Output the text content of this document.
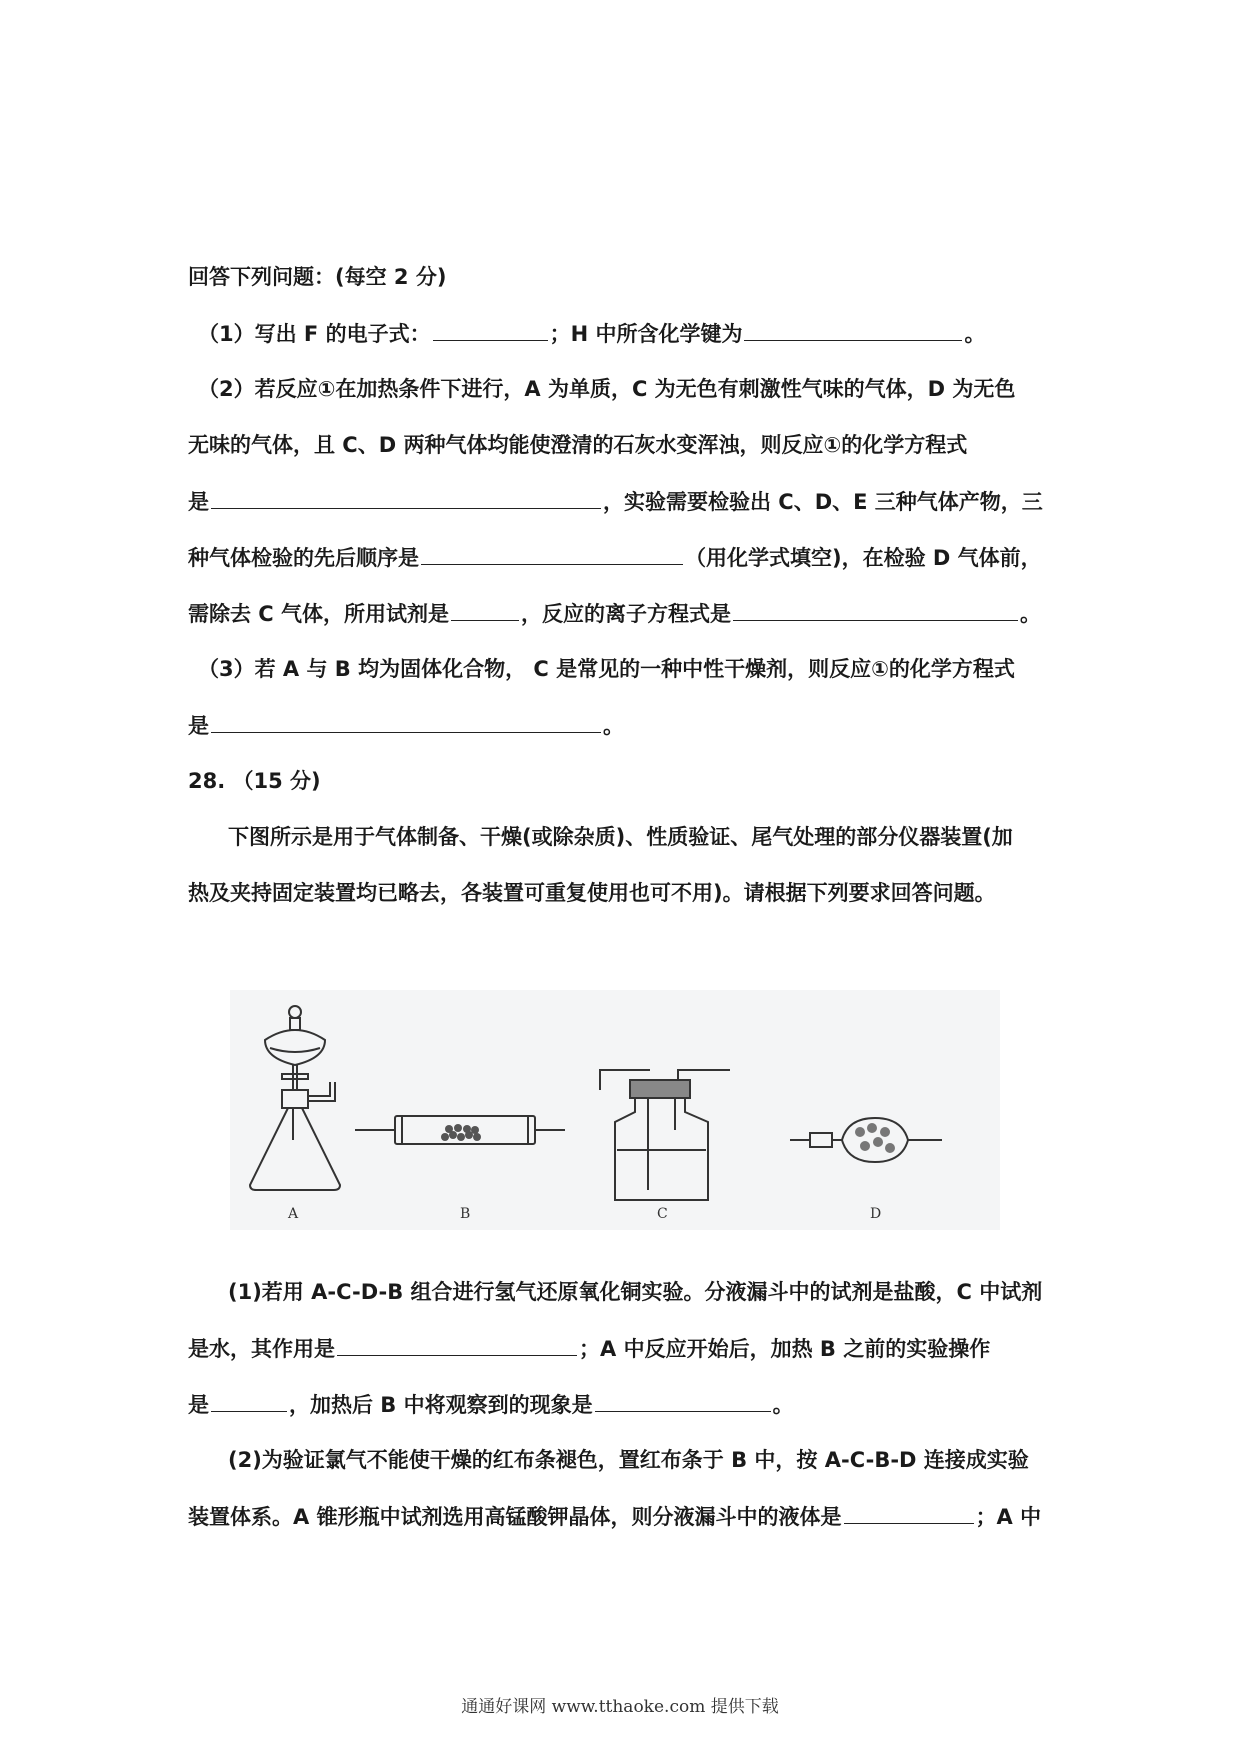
回答下列问题：(每空 2 分)
（1）写出 F 的电子式：	；H 中所含化学键为	。
（2）若反应①在加热条件下进行，A 为单质，C 为无色有刺激性气味的气体，D 为无色
无味的气体，且 C、D 两种气体均能使澄清的石灰水变浑浊，则反应①的化学方程式
是	，实验需要检验出 C、D、E 三种气体产物，三
种气体检验的先后顺序是	（用化学式填空)，在检验 D 气体前，
需除去 C 气体，所用试剂是	，反应的离子方程式是	。
（3）若 A 与 B 均为固体化合物， C 是常见的一种中性干燥剂，则反应①的化学方程式
是	。
28. （15 分)
下图所示是用于气体制备、干燥(或除杂质)、性质验证、尾气处理的部分仪器装置(加
热及夹持固定装置均已略去，各装置可重复使用也可不用)。请根据下列要求回答问题。
A	B	C	D
(1)若用 A-C-D-B 组合进行氢气还原氧化铜实验。分液漏斗中的试剂是盐酸，C 中试剂
是水，其作用是	；A 中反应开始后，加热 B 之前的实验操作
是	，加热后 B 中将观察到的现象是	。
(2)为验证氯气不能使干燥的红布条褪色，置红布条于 B 中，按 A-C-B-D 连接成实验
装置体系。A 锥形瓶中试剂选用高锰酸钾晶体，则分液漏斗中的液体是	；A 中
通通好课网 www.tthaoke.com 提供下载
